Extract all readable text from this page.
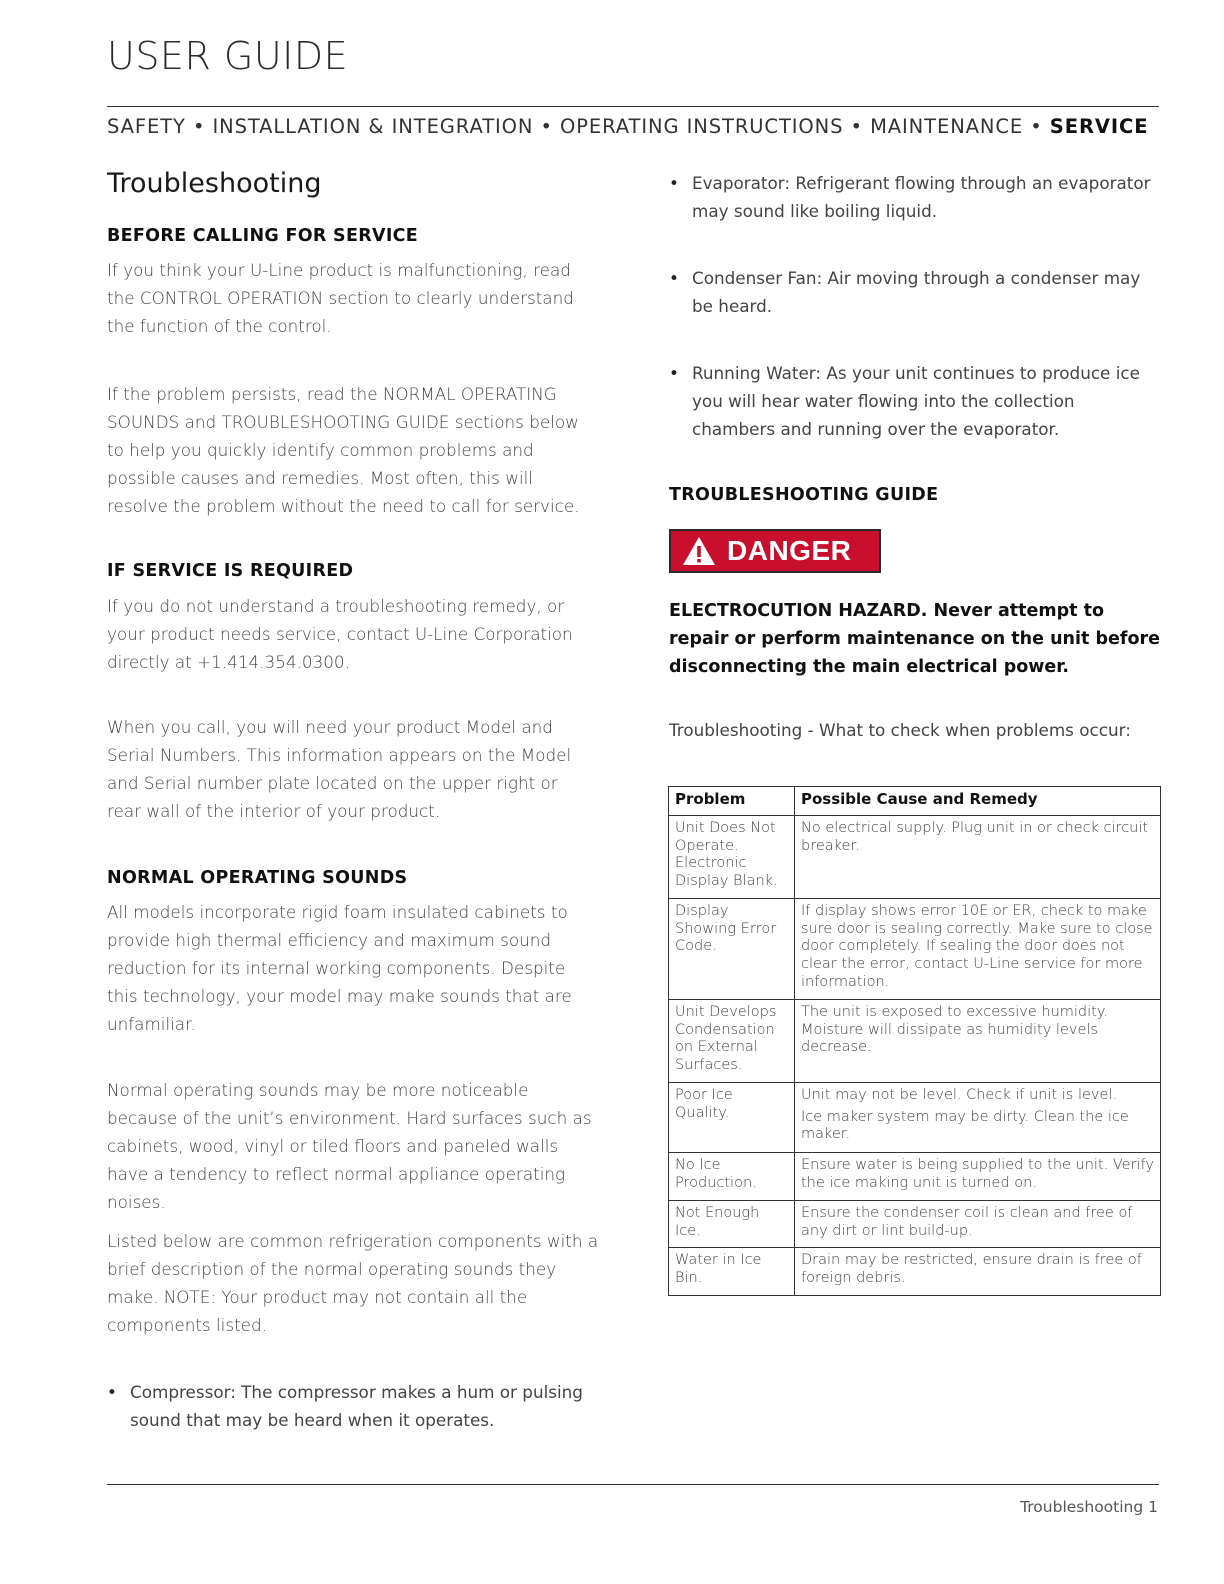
USER GUIDE
SAFETY • INSTALLATION & INTEGRATION • OPERATING INSTRUCTIONS • MAINTENANCE • SERVICE
Troubleshooting
BEFORE CALLING FOR SERVICE
If you think your U-Line product is malfunctioning, read the CONTROL OPERATION section to clearly understand the function of the control.
If the problem persists, read the NORMAL OPERATING SOUNDS and TROUBLESHOOTING GUIDE sections below to help you quickly identify common problems and possible causes and remedies. Most often, this will resolve the problem without the need to call for service.
IF SERVICE IS REQUIRED
If you do not understand a troubleshooting remedy, or your product needs service, contact U-Line Corporation directly at +1.414.354.0300.
When you call, you will need your product Model and Serial Numbers. This information appears on the Model and Serial number plate located on the upper right or rear wall of the interior of your product.
NORMAL OPERATING SOUNDS
All models incorporate rigid foam insulated cabinets to provide high thermal efficiency and maximum sound reduction for its internal working components. Despite this technology, your model may make sounds that are unfamiliar.
Normal operating sounds may be more noticeable because of the unit’s environment. Hard surfaces such as cabinets, wood, vinyl or tiled floors and paneled walls have a tendency to reflect normal appliance operating noises.
Listed below are common refrigeration components with a brief description of the normal operating sounds they make. NOTE: Your product may not contain all the components listed.
• Compressor: The compressor makes a hum or pulsing sound that may be heard when it operates.
• Evaporator: Refrigerant flowing through an evaporator may sound like boiling liquid.
• Condenser Fan: Air moving through a condenser may be heard.
• Running Water: As your unit continues to produce ice you will hear water flowing into the collection chambers and running over the evaporator.
TROUBLESHOOTING GUIDE
DANGER
ELECTROCUTION HAZARD. Never attempt to repair or perform maintenance on the unit before disconnecting the main electrical power.
Troubleshooting - What to check when problems occur:
Problem	Possible Cause and Remedy
Unit Does Not Operate. Electronic Display Blank.	No electrical supply. Plug unit in or check circuit breaker.
Display Showing Error Code.	If display shows error 10E or ER, check to make sure door is sealing correctly. Make sure to close door completely. If sealing the door does not clear the error, contact U-Line service for more information.
Unit Develops Condensation on External Surfaces.	The unit is exposed to excessive humidity. Moisture will dissipate as humidity levels decrease.
Poor Ice Quality.	Unit may not be level. Check if unit is level.
Ice maker system may be dirty. Clean the ice maker.

No Ice Production.	Ensure water is being supplied to the unit. Verify the ice making unit is turned on.
Not Enough Ice.	Ensure the condenser coil is clean and free of any dirt or lint build-up.
Water in Ice Bin.	Drain may be restricted, ensure drain is free of foreign debris.
Troubleshooting 1
